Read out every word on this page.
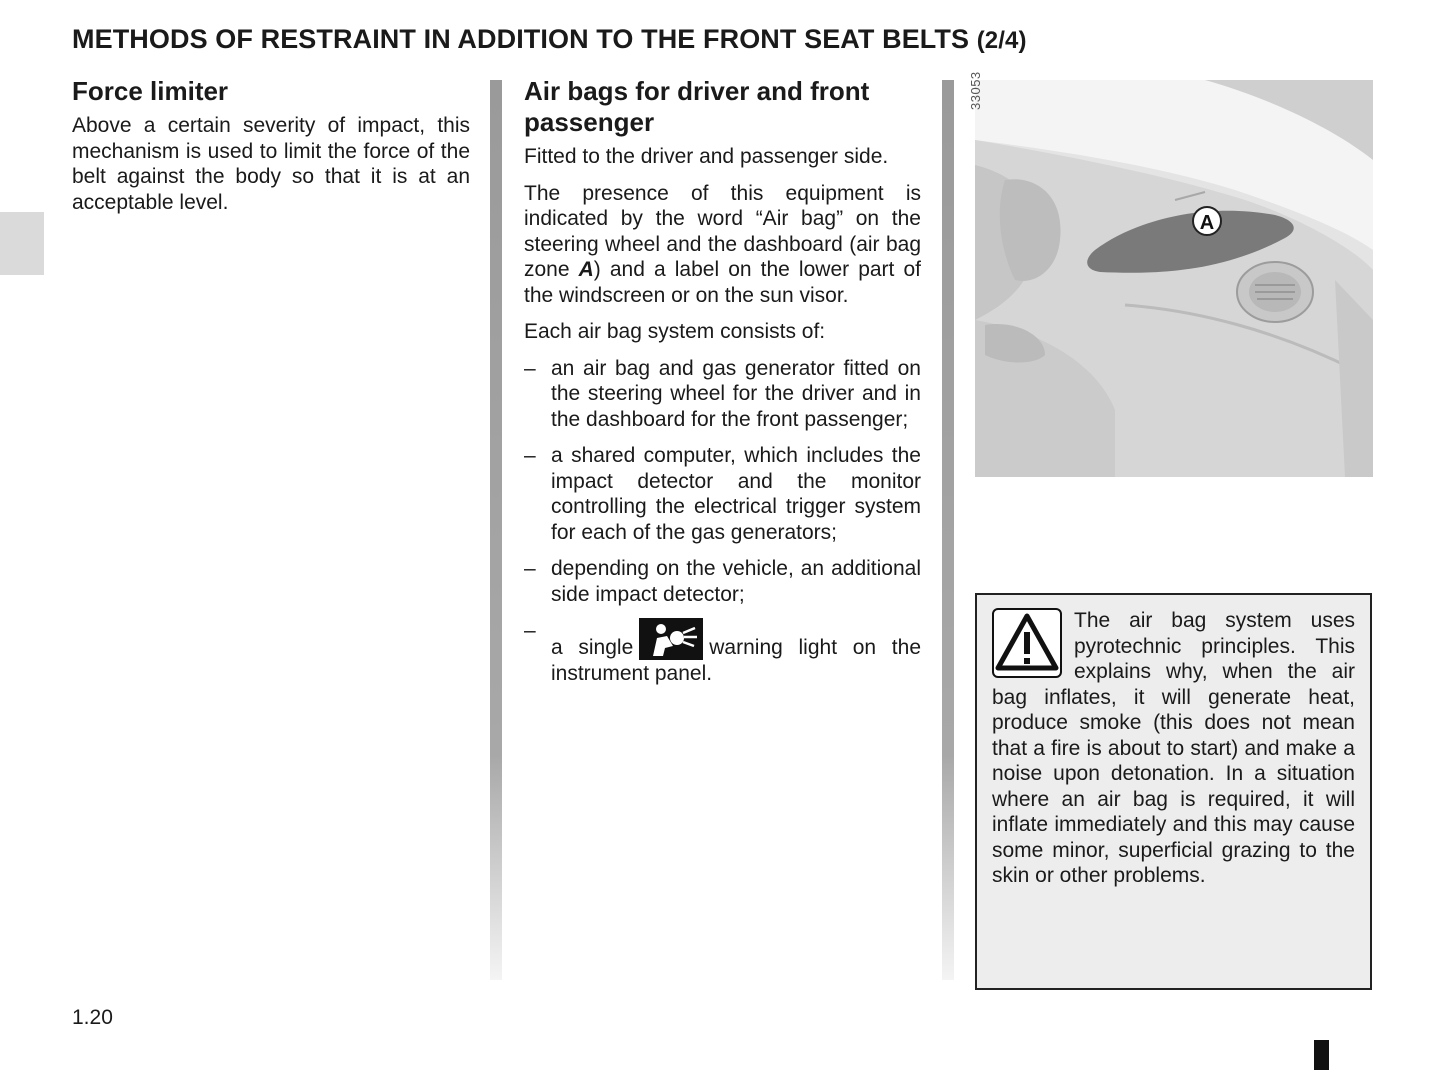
METHODS OF RESTRAINT IN ADDITION TO THE FRONT SEAT BELTS (2/4)
Force limiter

Above a certain severity of impact, this mechanism is used to limit the force of the belt against the body so that it is at an acceptable level.

Air bags for driver and front passenger

Fitted to the driver and passenger side.

The presence of this equipment is indicated by the word “Air bag” on the steering wheel and the dashboard (air bag zone A) and a label on the lower part of the windscreen or on the sun visor.

Each air bag system consists of:

– an air bag and gas generator fitted on the steering wheel for the driver and in the dashboard for the front passenger;
– a shared computer, which includes the impact detector and the monitor controlling the electrical trigger system for each of the gas generators;
– depending on the vehicle, an additional side impact detector;
– a single	warning light on the instrument panel.
A
33053

The air bag system uses pyrotechnic principles. This explains why, when the air bag inflates, it will generate heat, produce smoke (this does not mean that a fire is about to start) and make a noise upon detonation. In a situation where an air bag is required, it will inflate immediately and this may cause some minor, superficial grazing to the skin or other problems.

1.20
